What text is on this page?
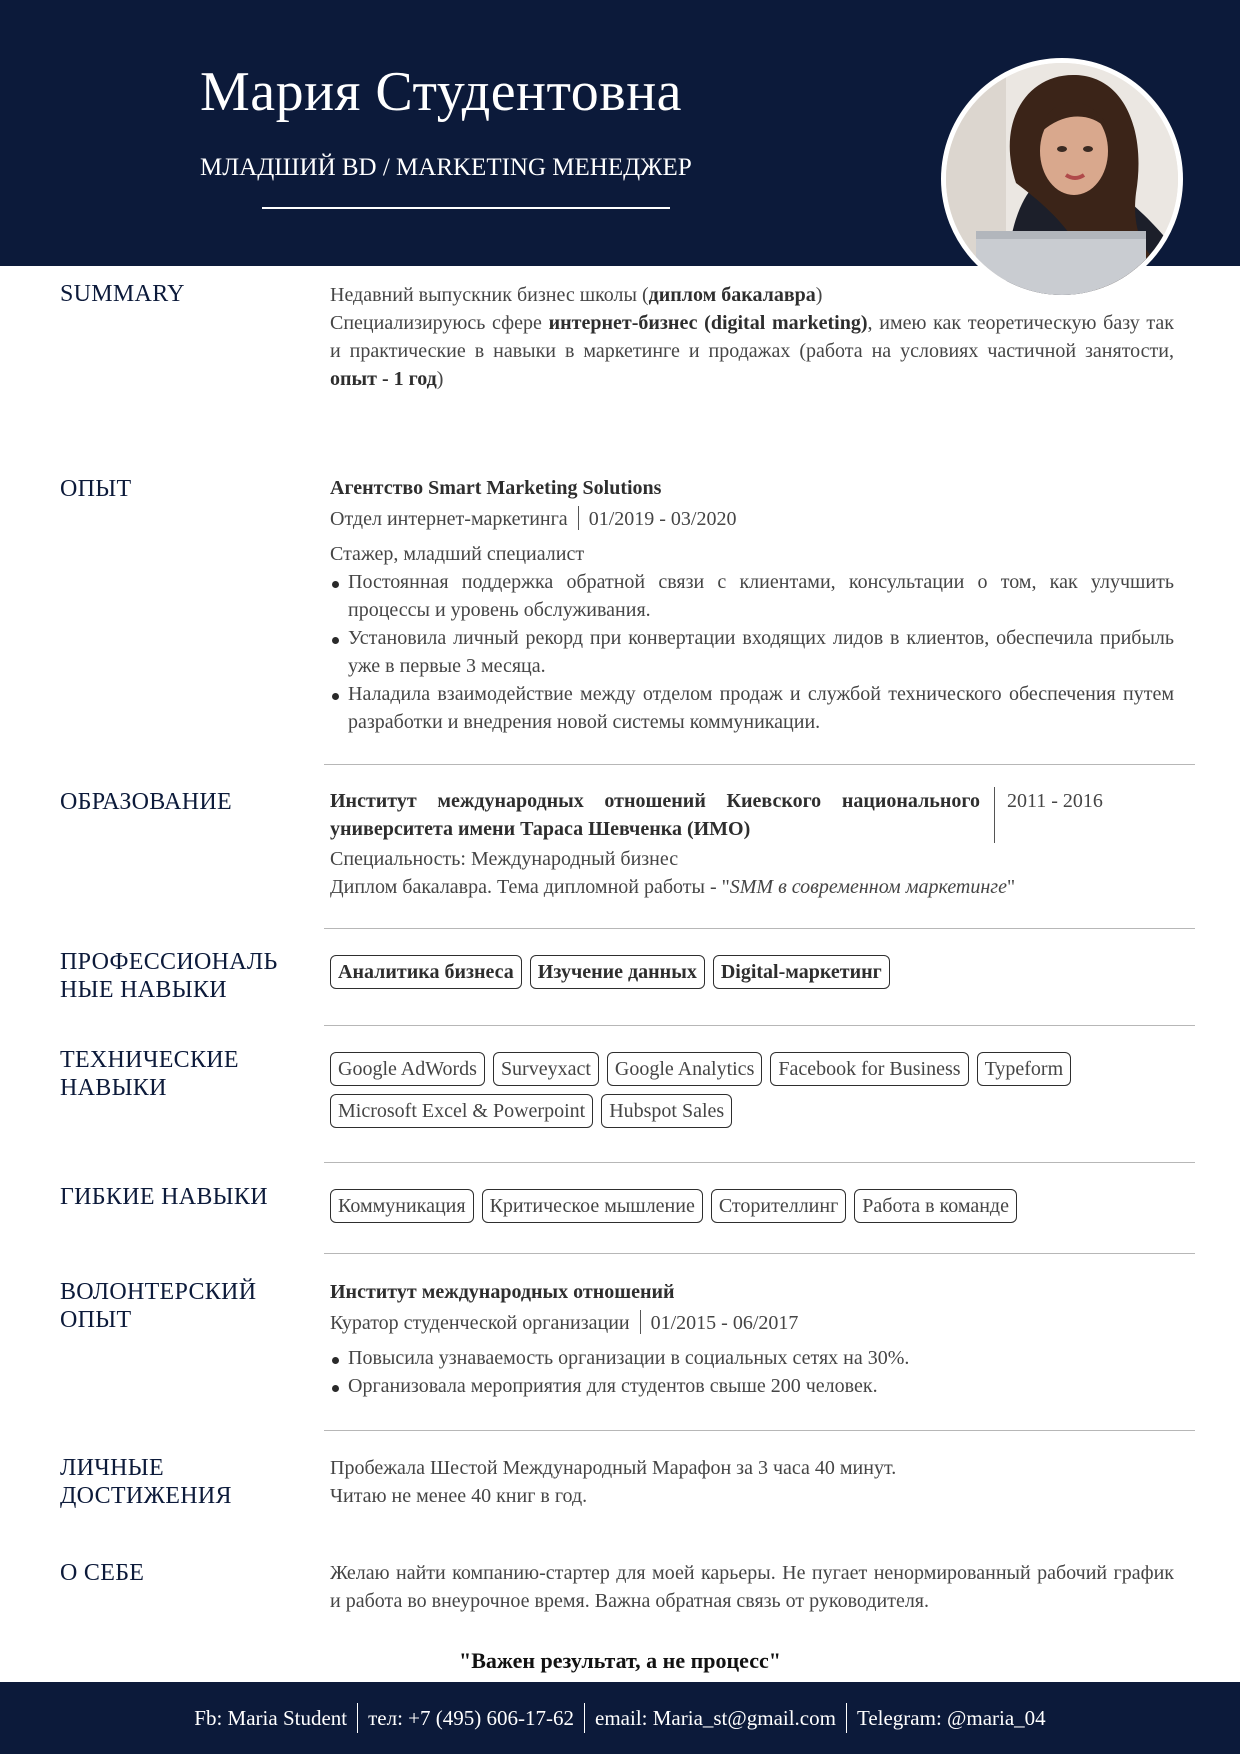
Мария Студентовна
МЛАДШИЙ BD / MARKETING МЕНЕДЖЕР
SUMMARY	Недавний выпускник бизнес школы (диплом бакалавра)
Специализируюсь сфере интернет-бизнес (digital marketing), имею как теоретическую базу так и практические в навыки в маркетинге и продажах (работа на условиях частичной занятости, опыт - 1 год)
ОПЫТ	Агентство Smart Marketing Solutions
Отдел интернет-маркетинга 01/2019 - 03/2020
Стажер, младший специалист
Постоянная поддержка обратной связи с клиентами, консультации о том, как улучшить процессы и уровень обслуживания.
Установила личный рекорд при конвертации входящих лидов в клиентов, обеспечила прибыль уже в первые 3 месяца.
Наладила взаимодействие между отделом продаж и службой технического обеспечения путем разработки и внедрения новой системы коммуникации.
ОБРАЗОВАНИЕ	Институт международных отношений Киевского национального университета имени Тараса Шевченка (ИМО)
2011 - 2016
Специальность: Международный бизнес
Диплом бакалавра. Тема дипломной работы - "SMM в современном маркетинге"
ПРОФЕССИОНАЛЬ
НЫЕ НАВЫКИ
Аналитика бизнеса	Изучение данных	Digital-маркетинг
ТЕХНИЧЕСКИЕ
НАВЫКИ
Google AdWords	Surveyxact	Google Analytics	Facebook for Business	Typeform
Microsoft Excel & Powerpoint	Hubspot Sales
ГИБКИЕ НАВЫКИ	Коммуникация	Критическое мышление	Сторителлинг	Работа в команде
ВОЛОНТЕРСКИЙ
ОПЫТ
Институт международных отношений
Куратор студенческой организации 01/2015 - 06/2017
Повысила узнаваемость организации в социальных сетях на 30%.
Организовала мероприятия для студентов свыше 200 человек.
ЛИЧНЫЕ
ДОСТИЖЕНИЯ
Пробежала Шестой Международный Марафон за 3 часа 40 минут.
Читаю не менее 40 книг в год.
О СЕБЕ	Желаю найти компанию-стартер для моей карьеры. Не пугает ненормированный рабочий график и работа во внеурочное время. Важна обратная связь от руководителя.
"Важен результат, а не процесс"
Fb: Maria Student тел: +7 (495) 606-17-62 email: Maria_st@gmail.com Telegram: @maria_04
